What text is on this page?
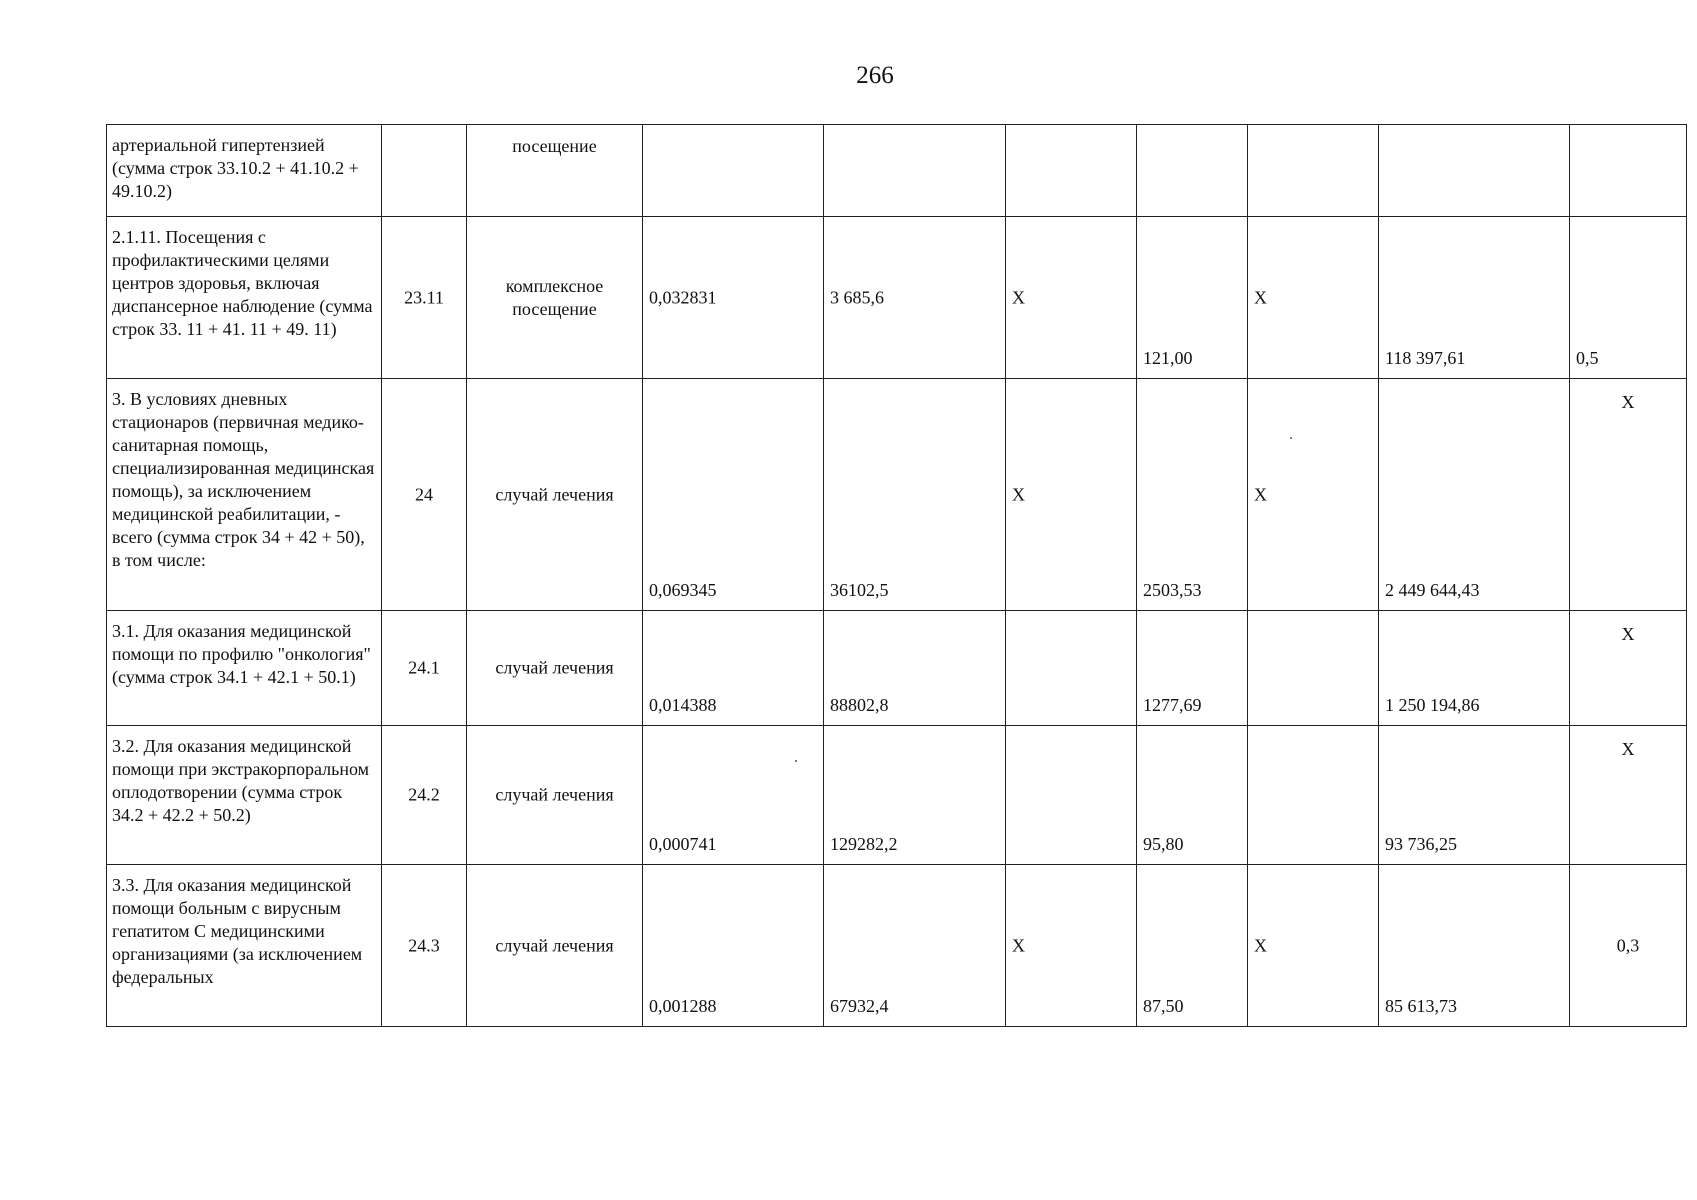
266
артериальной гипертензией (сумма строк 33.10.2 + 41.10.2 + 49.10.2)		посещение							

2.1.11. Посещения с профилактическими целями центров здоровья, включая диспансерное наблюдение (сумма строк 33. 11 + 41. 11 + 49. 11)	23.11	комплексное посещение	0,032831	3 685,6	X	121,00	X	118 397,61	0,5

3. В условиях дневных стационаров (первичная медико-санитарная помощь, специализированная медицинская помощь), за исключением медицинской реабилитации, - всего (сумма строк 34 + 42 + 50), в том числе:	24	случай лечения	0,069345	36102,5	X	2503,53	X	2 449 644,43	X

3.1. Для оказания медицинской помощи по профилю "онкология" (сумма строк 34.1 + 42.1 + 50.1)	24.1	случай лечения	0,014388	88802,8		1277,69		1 250 194,86	X

3.2. Для оказания медицинской помощи при экстракорпоральном оплодотворении (сумма строк 34.2 + 42.2 + 50.2)	24.2	случай лечения	0,000741	129282,2		95,80		93 736,25	X

3.3. Для оказания медицинской помощи больным с вирусным гепатитом С медицинскими организациями (за исключением федеральных	24.3	случай лечения	0,001288	67932,4	X	87,50	X	85 613,73	0,3
